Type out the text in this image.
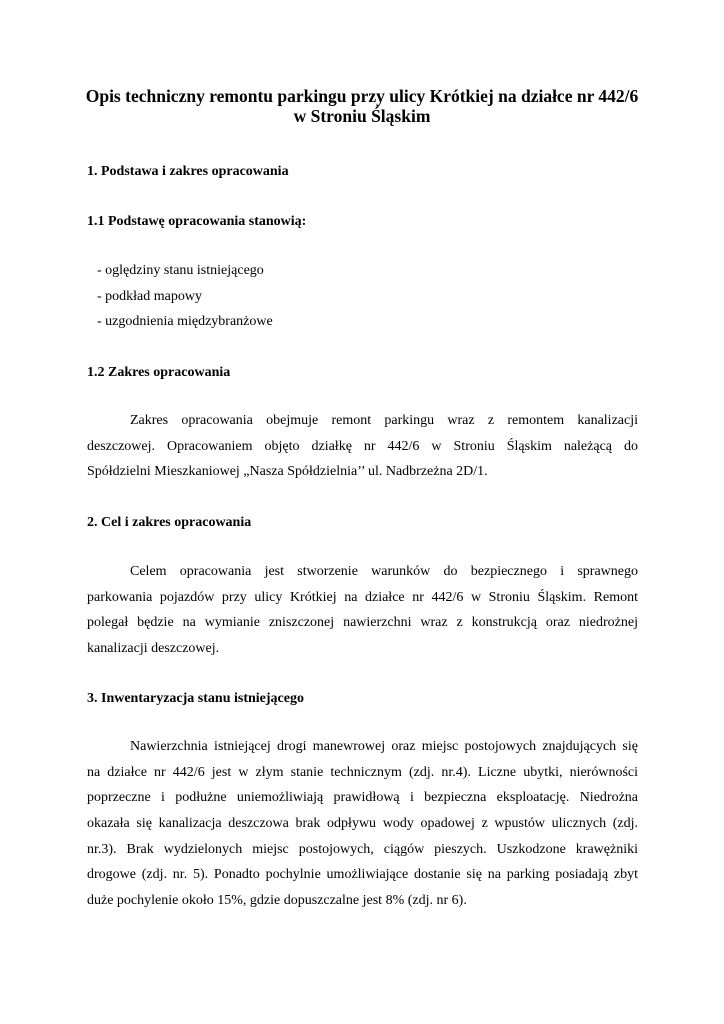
Opis techniczny remontu parkingu przy ulicy Krótkiej na działce nr 442/6
w Stroniu Śląskim
1. Podstawa i zakres opracowania
1.1 Podstawę opracowania stanowią:
- oględziny stanu istniejącego
- podkład mapowy
- uzgodnienia międzybranżowe
1.2 Zakres opracowania
Zakres opracowania obejmuje remont parkingu wraz z remontem kanalizacji
deszczowej. Opracowaniem objęto działkę nr 442/6 w Stroniu Śląskim należącą do
Spółdzielni Mieszkaniowej „Nasza Spółdzielnia’’ ul. Nadbrzeżna 2D/1.
2. Cel i zakres opracowania
Celem opracowania jest stworzenie warunków do bezpiecznego i sprawnego
parkowania pojazdów przy ulicy Krótkiej na działce nr 442/6 w Stroniu Śląskim. Remont
polegał będzie na wymianie zniszczonej nawierzchni wraz z konstrukcją oraz niedrożnej
kanalizacji deszczowej.
3. Inwentaryzacja stanu istniejącego
Nawierzchnia istniejącej drogi manewrowej oraz miejsc postojowych znajdujących się
na działce nr 442/6 jest w złym stanie technicznym (zdj. nr.4). Liczne ubytki, nierówności
poprzeczne i podłużne uniemożliwiają prawidłową i bezpieczna eksploatację. Niedrożna
okazała się kanalizacja deszczowa brak odpływu wody opadowej z wpustów ulicznych (zdj.
nr.3). Brak wydzielonych miejsc postojowych, ciągów pieszych. Uszkodzone krawężniki
drogowe (zdj. nr. 5). Ponadto pochylnie umożliwiające dostanie się na parking posiadają zbyt
duże pochylenie około 15%, gdzie dopuszczalne jest 8% (zdj. nr 6).
